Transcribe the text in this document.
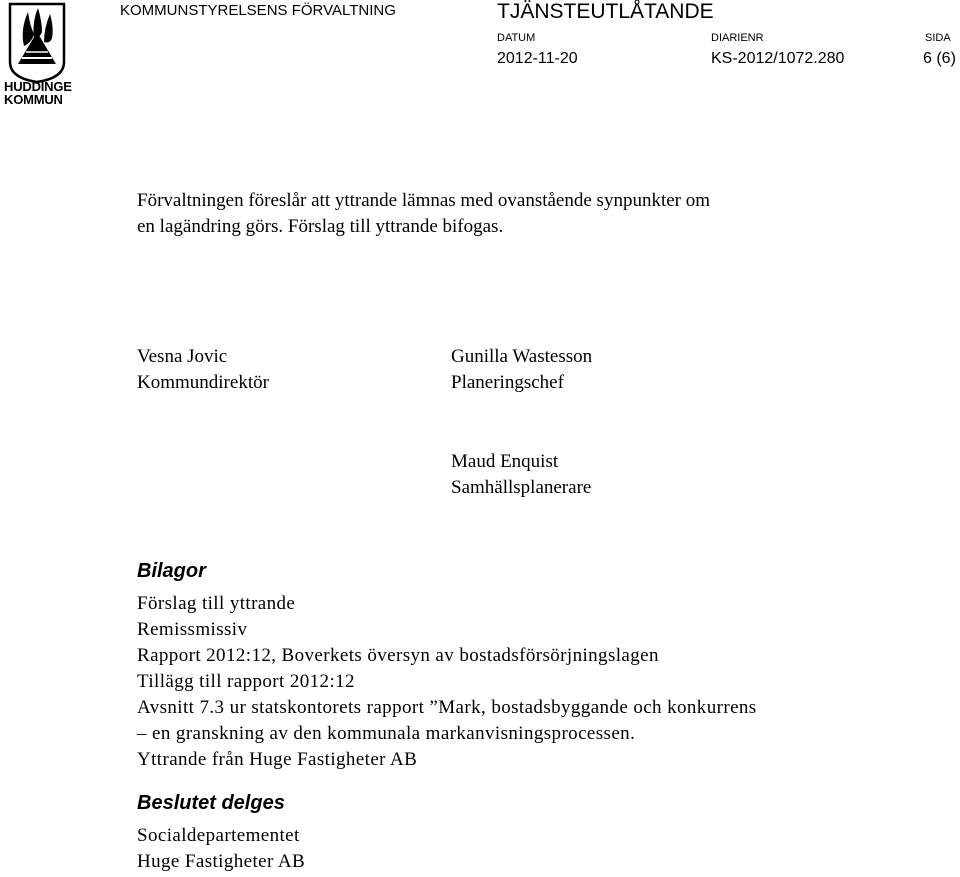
HUDDINGE
KOMMUN
KOMMUNSTYRELSENS FÖRVALTNING	TJÄNSTEUTLÅTANDE
DATUM
2012-11-20
DIARIENR
KS-2012/1072.280
SIDA
6 (6)
Förvaltningen föreslår att yttrande lämnas med ovanstående synpunkter om
en lagändring görs. Förslag till yttrande bifogas.
Vesna Jovic
Kommundirektör
Gunilla Wastesson
Planeringschef
Maud Enquist
Samhällsplanerare
Bilagor
Förslag till yttrande
Remissmissiv
Rapport 2012:12, Boverkets översyn av bostadsförsörjningslagen
Tillägg till rapport 2012:12
Avsnitt 7.3 ur statskontorets rapport ”Mark, bostadsbyggande och konkurrens
– en granskning av den kommunala markanvisningsprocessen.
Yttrande från Huge Fastigheter AB
Beslutet delges
Socialdepartementet
Huge Fastigheter AB
